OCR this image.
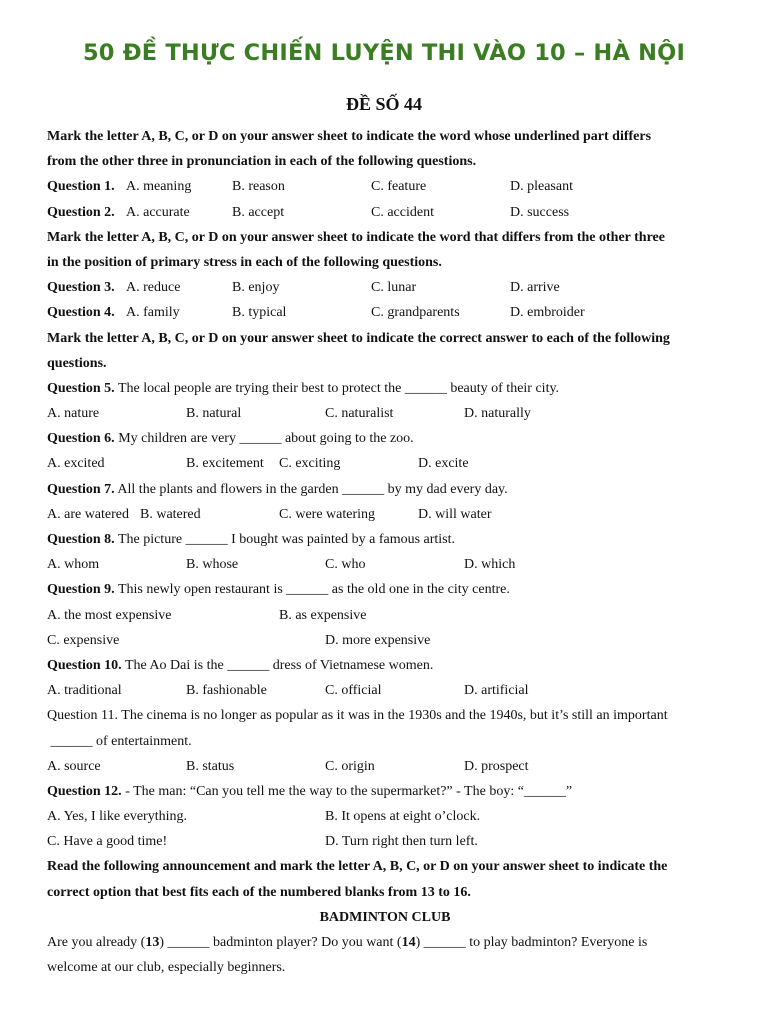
50 ĐỀ THỰC CHIẾN LUYỆN THI VÀO 10 – HÀ NỘI
ĐỀ SỐ 44
Mark the letter A, B, C, or D on your answer sheet to indicate the word whose underlined part differs
from the other three in pronunciation in each of the following questions.
Question 1. A. meaning	B. reason	C. feature	D. pleasant
Question 2. A. accurate	B. accept	C. accident	D. success
Mark the letter A, B, C, or D on your answer sheet to indicate the word that differs from the other three
in the position of primary stress in each of the following questions.
Question 3. A. reduce	B. enjoy	C. lunar	D. arrive
Question 4. A. family	B. typical	C. grandparents	D. embroider
Mark the letter A, B, C, or D on your answer sheet to indicate the correct answer to each of the following
questions.
Question 5. The local people are trying their best to protect the ______ beauty of their city.
A. nature	B. natural	C. naturalist	D. naturally
Question 6. My children are very ______ about going to the zoo.
A. excited	B. excitement C. exciting	D. excite
Question 7. All the plants and flowers in the garden ______ by my dad every day.
A. are watered B. watered	C. were watering	D. will water
Question 8. The picture ______ I bought was painted by a famous artist.
A. whom	B. whose	C. who	D. which
Question 9. This newly open restaurant is ______ as the old one in the city centre.
A. the most expensive	B. as expensive
C. expensive	D. more expensive
Question 10. The Ao Dai is the ______ dress of Vietnamese women.
A. traditional	B. fashionable	C. official	D. artificial
Question 11. The cinema is no longer as popular as it was in the 1930s and the 1940s, but it’s still an important
______ of entertainment.
A. source	B. status	C. origin	D. prospect
Question 12. - The man: “Can you tell me the way to the supermarket?” - The boy: “______”
A. Yes, I like everything.	B. It opens at eight o’clock.
C. Have a good time!	D. Turn right then turn left.
Read the following announcement and mark the letter A, B, C, or D on your answer sheet to indicate the
correct option that best fits each of the numbered blanks from 13 to 16.
BADMINTON CLUB
Are you already (13) ______ badminton player? Do you want (14) ______ to play badminton? Everyone is
welcome at our club, especially beginners.
